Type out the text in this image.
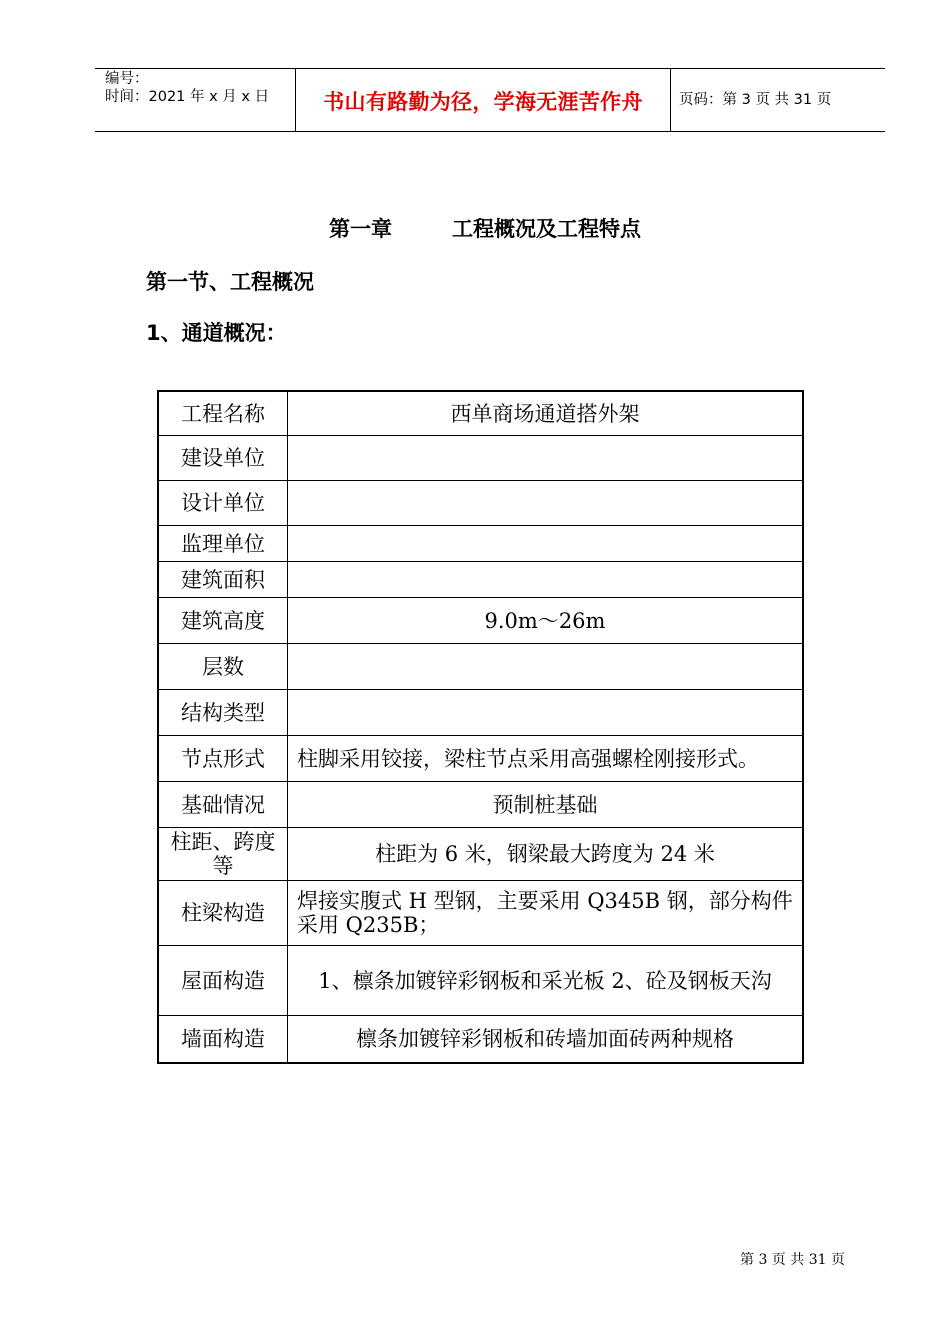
编号：
时间：2021 年 x 月 x 日	书山有路勤为径，学海无涯苦作舟	页码：第 3 页 共 31 页
第一章	工程概况及工程特点
第一节、工程概况
1、通道概况：
工程名称	西单商场通道搭外架
建设单位
设计单位
监理单位
建筑面积
建筑高度	9.0m～26m
层数
结构类型
节点形式	柱脚采用铰接，梁柱节点采用高强螺栓刚接形式。
基础情况	预制桩基础
柱距、跨度等	柱距为 6 米，钢梁最大跨度为 24 米
柱梁构造	焊接实腹式 H 型钢，主要采用 Q345B 钢，部分构件采用 Q235B；
屋面构造	1、檩条加镀锌彩钢板和采光板 2、砼及钢板天沟
墙面构造	檩条加镀锌彩钢板和砖墙加面砖两种规格
第 3 页 共 31 页
